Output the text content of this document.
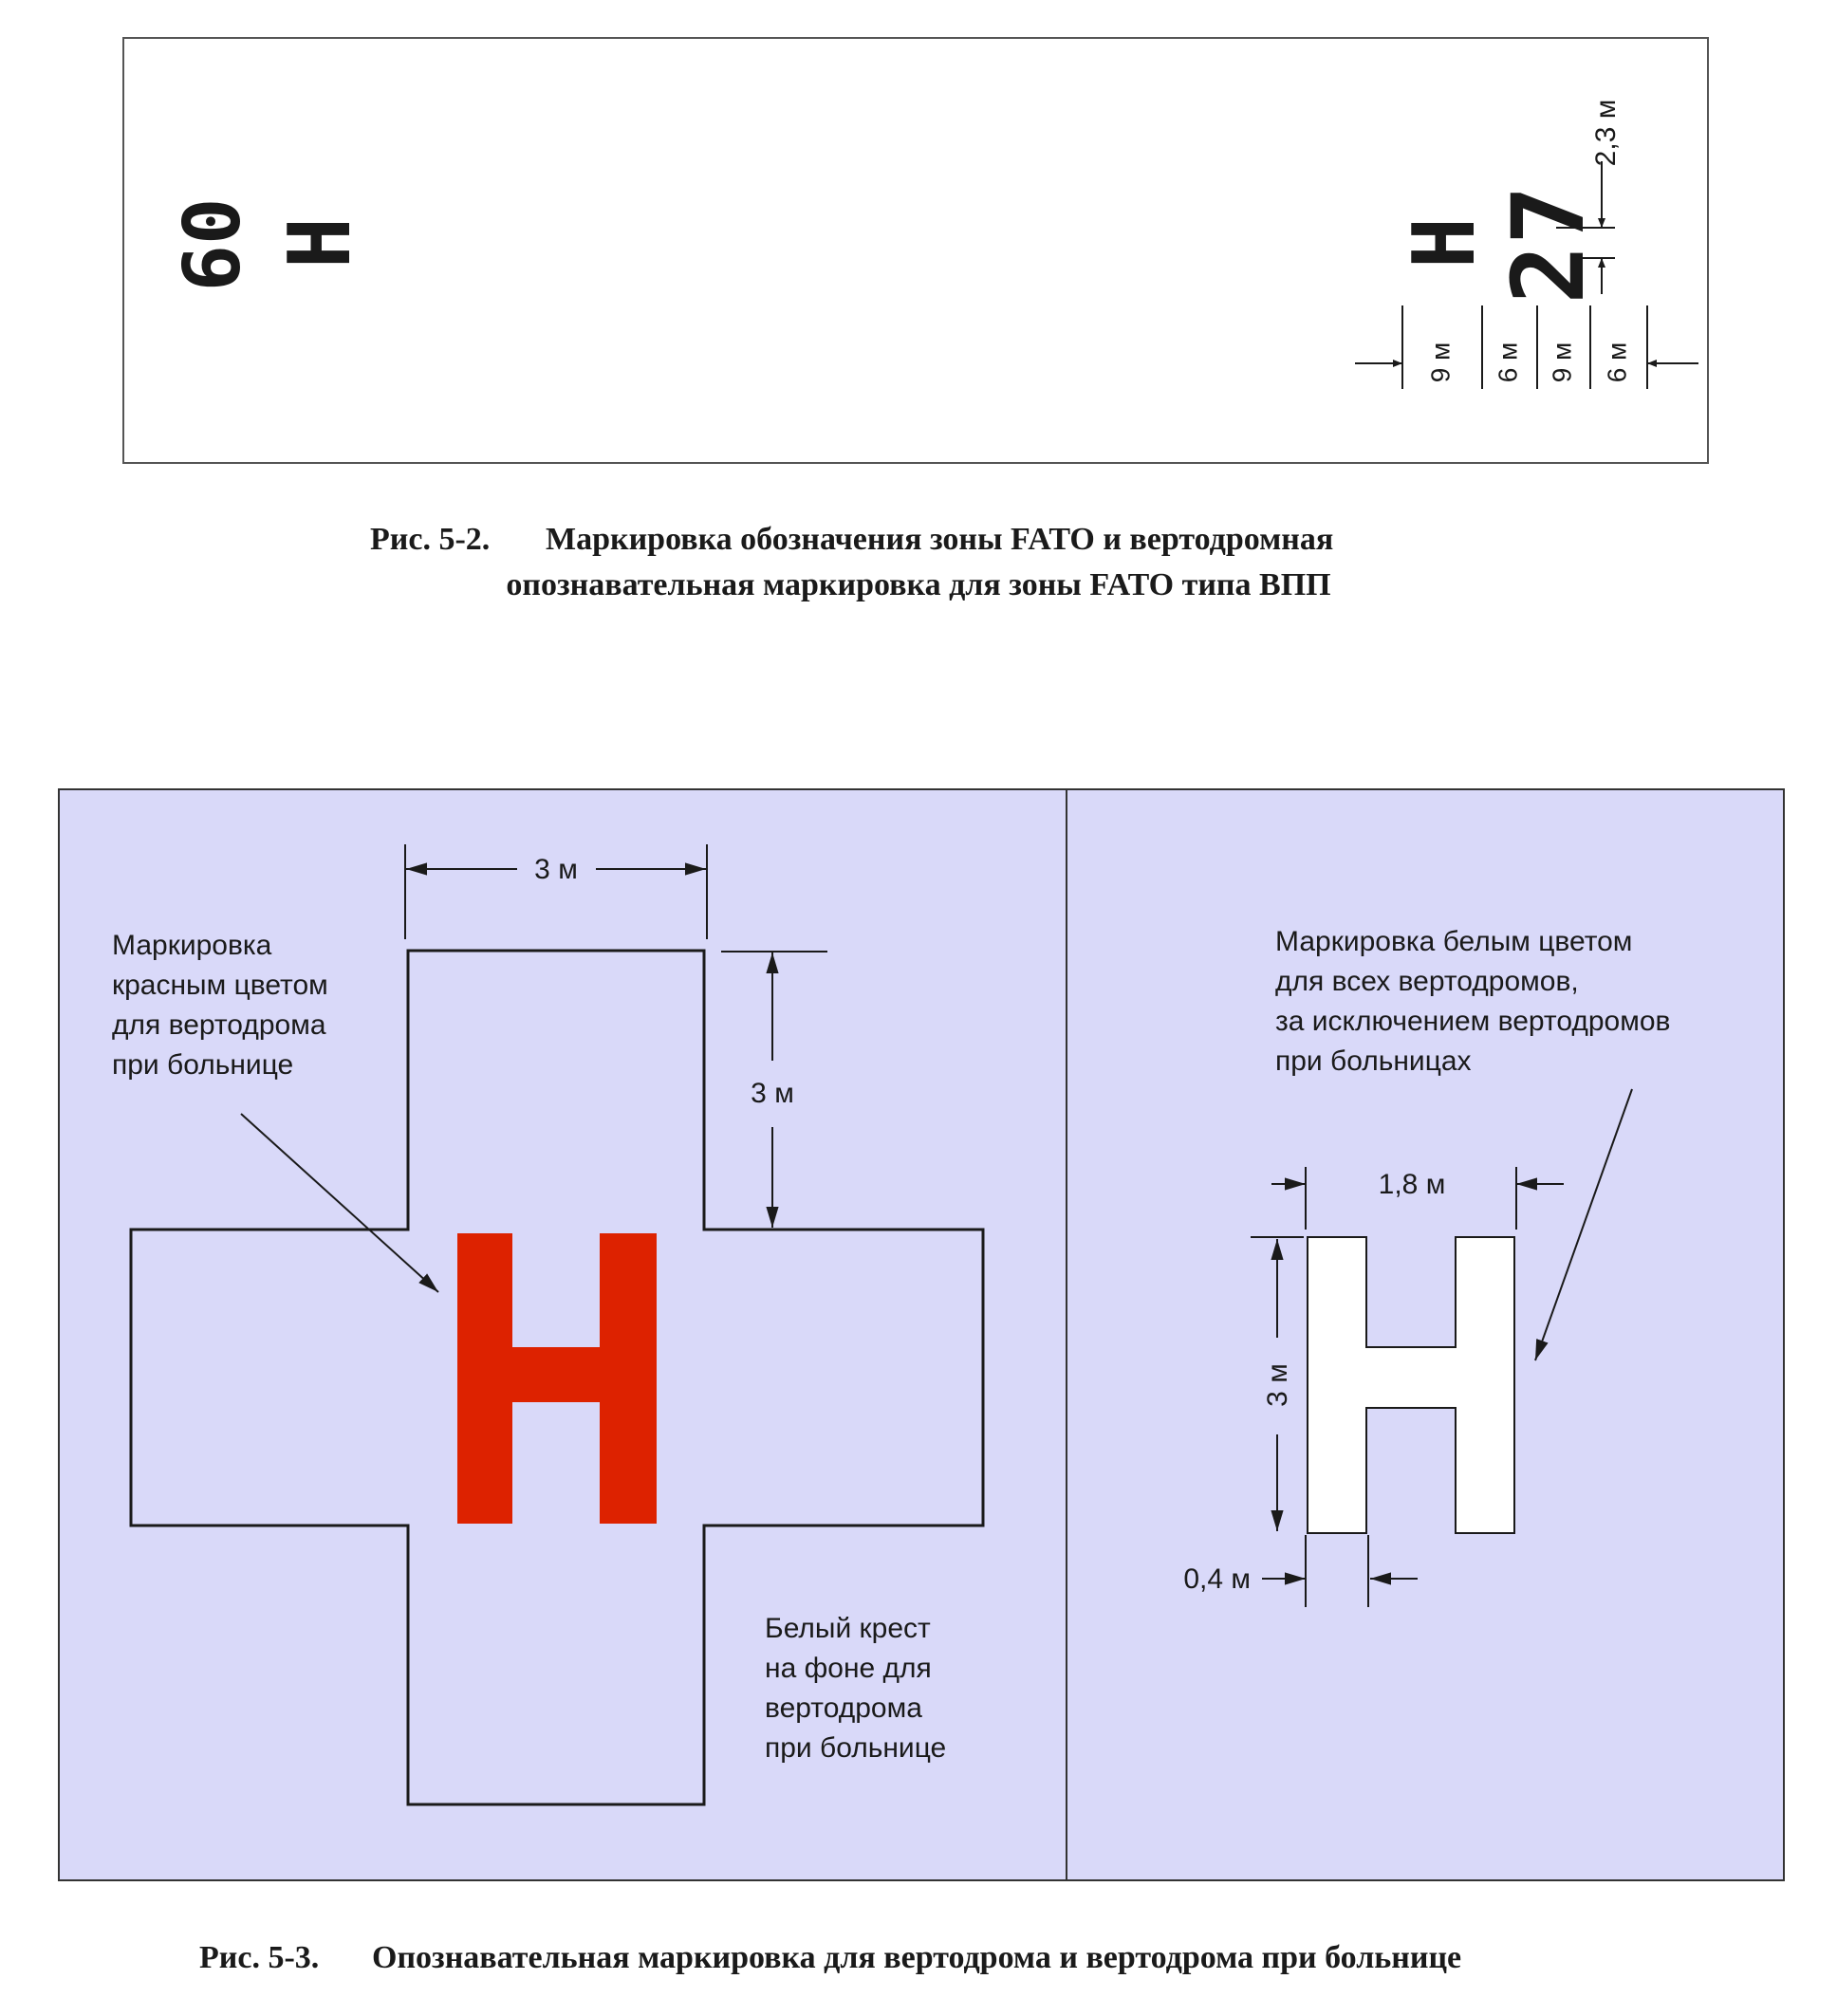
60 H	H
27
2,3 м
9 м 6 м 9 м 6 м
Рис. 5-2. Маркировка обозначения зоны FATO и вертодромная
опознавательная маркировка для зоны FATO типа ВПП
3 м
3 м
Маркировка
красным цветом
для вертодрома
при больнице
Белый крест
на фоне для
вертодрома
при больнице
Маркировка белым цветом
для всех вертодромов,
за исключением вертодромов
при больницах
1,8 м
3 м
0,4 м
Рис. 5-3. Опознавательная маркировка для вертодрома и вертодрома при больнице
